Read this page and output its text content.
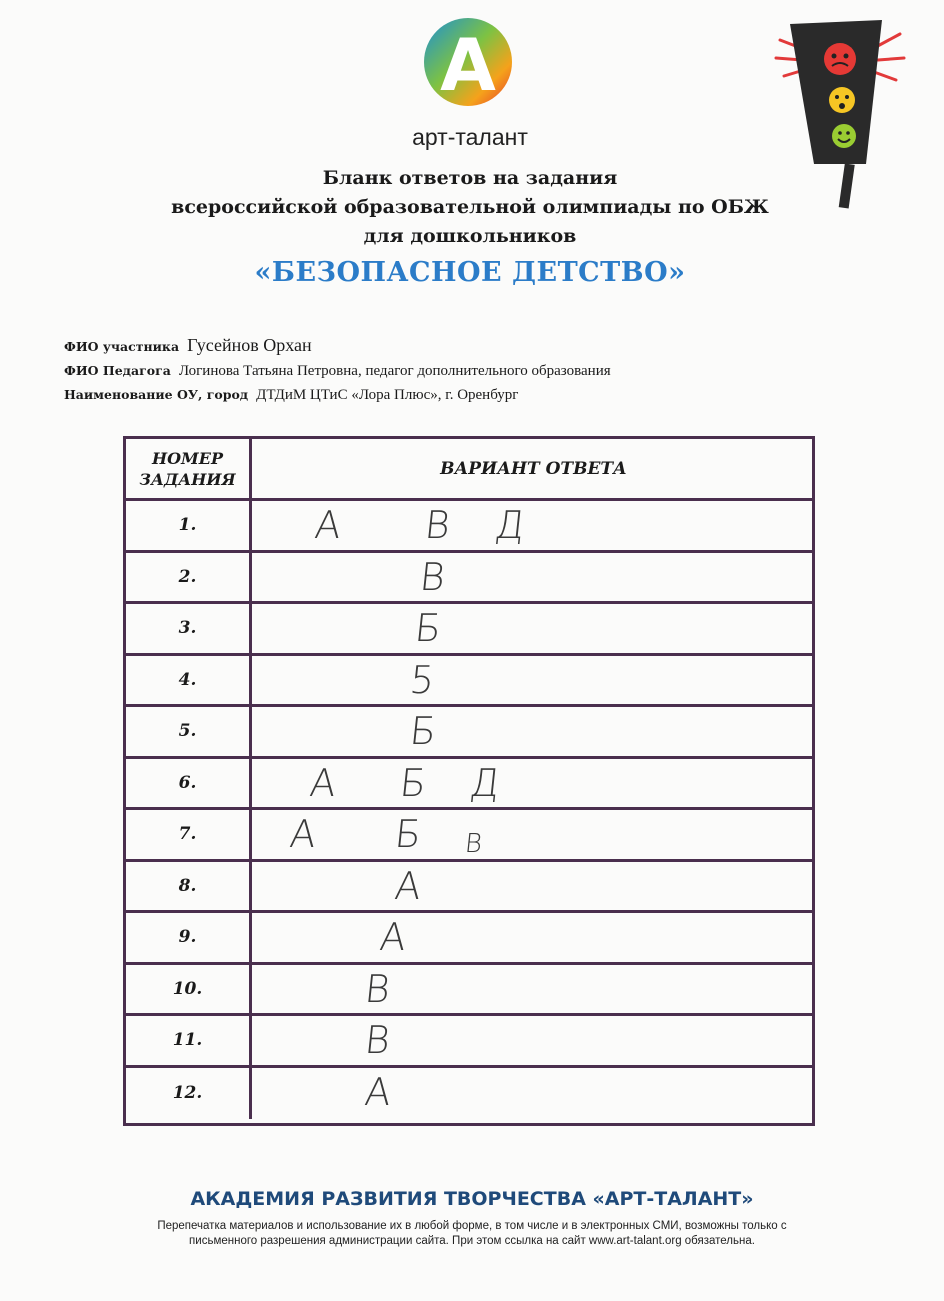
A
арт-талант
Бланк ответов на задания
всероссийской образовательной олимпиады по ОБЖ
для дошкольников
«БЕЗОПАСНОЕ ДЕТСТВО»
ФИО участника Гусейнов Орхан
ФИО Педагога Логинова Татьяна Петровна, педагог дополнительного образования
Наименование ОУ, город ДТДиМ ЦТиС «Лора Плюс», г. Оренбург
НОМЕР
ЗАДАНИЯ
ВАРИАНТ ОТВЕТА
1.	А В Д
2.	В
3.	Б
4.	5
5.	Б
6.	А Б Д
7.	А Б В
8.	А
9.	А
10.	В
11.	В
12.	А
АКАДЕМИЯ РАЗВИТИЯ ТВОРЧЕСТВА «АРТ-ТАЛАНТ»
Перепечатка материалов и использование их в любой форме, в том числе и в электронных СМИ, возможны только с
письменного разрешения администрации сайта. При этом ссылка на сайт www.art-talant.org обязательна.
